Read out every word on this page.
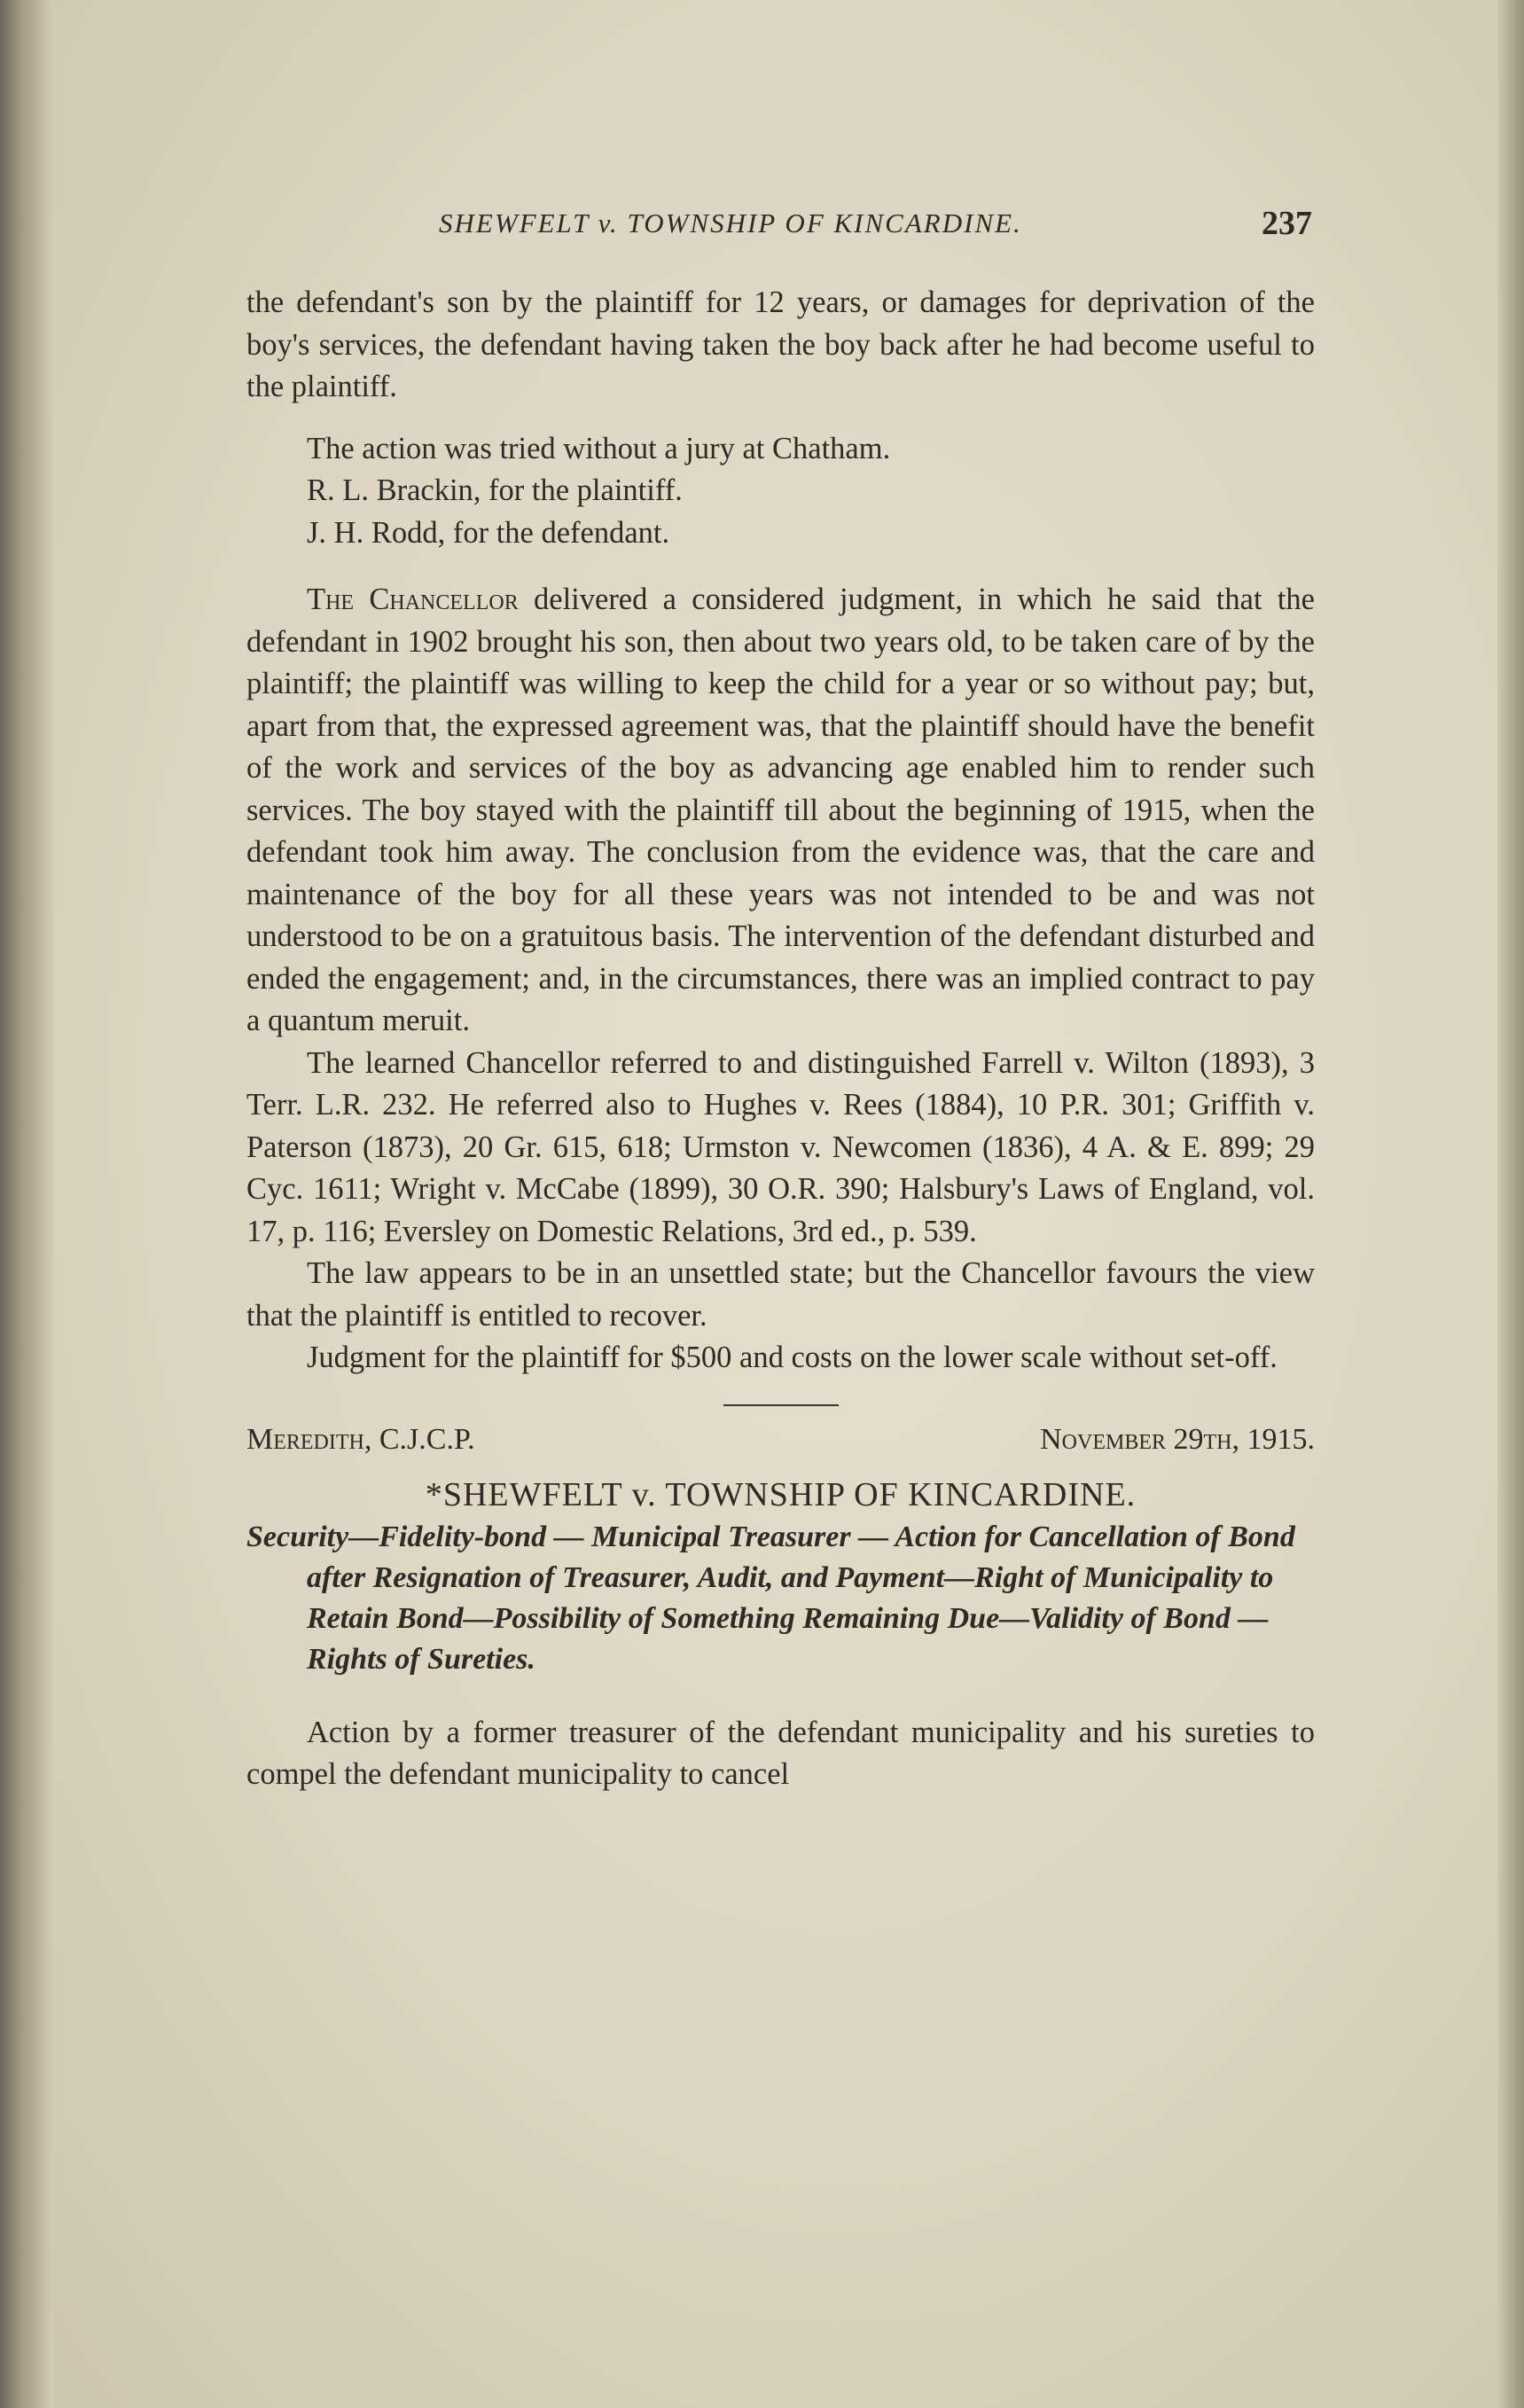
SHEWFELT v. TOWNSHIP OF KINCARDINE.	237

the defendant's son by the plaintiff for 12 years, or damages for deprivation of the boy's services, the defendant having taken the boy back after he had become useful to the plaintiff.

The action was tried without a jury at Chatham.

R. L. Brackin, for the plaintiff.

J. H. Rodd, for the defendant.

The Chancellor delivered a considered judgment, in which he said that the defendant in 1902 brought his son, then about two years old, to be taken care of by the plaintiff; the plaintiff was willing to keep the child for a year or so without pay; but, apart from that, the expressed agreement was, that the plaintiff should have the benefit of the work and services of the boy as advancing age enabled him to render such services. The boy stayed with the plaintiff till about the beginning of 1915, when the defendant took him away. The conclusion from the evidence was, that the care and maintenance of the boy for all these years was not intended to be and was not understood to be on a gratuitous basis. The intervention of the defendant disturbed and ended the engagement; and, in the circumstances, there was an implied contract to pay a quantum meruit.

The learned Chancellor referred to and distinguished Farrell v. Wilton (1893), 3 Terr. L.R. 232. He referred also to Hughes v. Rees (1884), 10 P.R. 301; Griffith v. Paterson (1873), 20 Gr. 615, 618; Urmston v. Newcomen (1836), 4 A. & E. 899; 29 Cyc. 1611; Wright v. McCabe (1899), 30 O.R. 390; Halsbury's Laws of England, vol. 17, p. 116; Eversley on Domestic Relations, 3rd ed., p. 539.

The law appears to be in an unsettled state; but the Chancellor favours the view that the plaintiff is entitled to recover.

Judgment for the plaintiff for $500 and costs on the lower scale without set-off.

Meredith, C.J.C.P.	November 29th, 1915.
*SHEWFELT v. TOWNSHIP OF KINCARDINE.

Security—Fidelity-bond — Municipal Treasurer — Action for Cancellation of Bond after Resignation of Treasurer, Audit, and Payment—Right of Municipality to Retain Bond—Possibility of Something Remaining Due—Validity of Bond —Rights of Sureties.

Action by a former treasurer of the defendant municipality and his sureties to compel the defendant municipality to cancel
